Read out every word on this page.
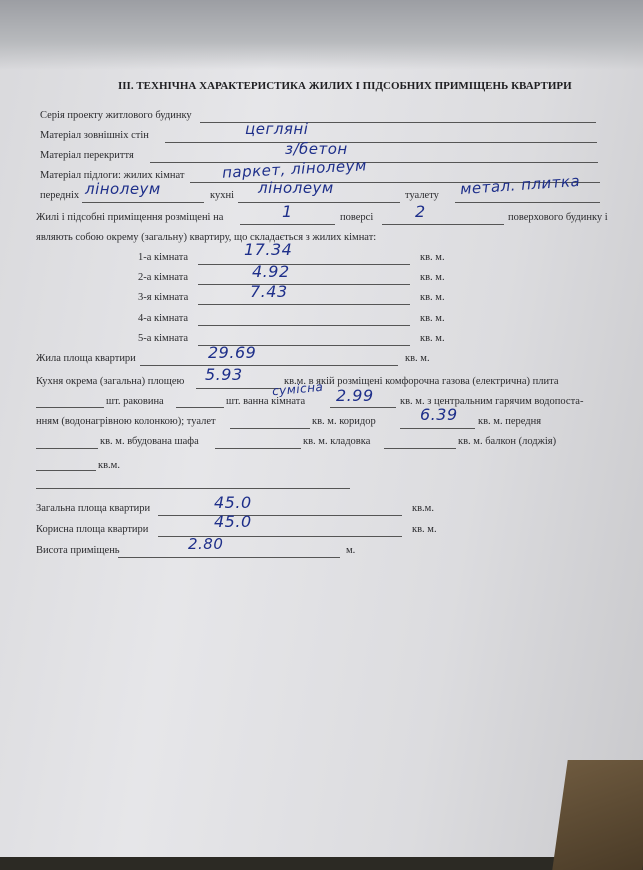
ІІІ. ТЕХНІЧНА ХАРАКТЕРИСТИКА ЖИЛИХ І ПІДСОБНИХ ПРИМІЩЕНЬ КВАРТИРИ
Серія проекту житлового будинку
Матеріал зовнішніх стін	цеглянi
Матеріал перекриття	з/бетон
Матеріал підлоги: жилих кімнат паркет, лiнолеум
передніх лiнолеум	кухні лiнолеум	туалету метал. плитка
Жилі і підсобні приміщення розміщені на	1	поверсі	2	поверхового будинку і
являють собою окрему (загальну) квартиру, що складається з жилих кімнат:
1-а кімната	17.34	кв. м.
2-а кімната	4.92	кв. м.
3-я кімната	7.43	кв. м.
4-а кімната	кв. м.
5-а кімната	кв. м.
Жила площа квартири	29.69	кв. м.
Кухня окрема (загальна) площею 5.93	кв.м. в якій розміщені комфорочна газова (електрична) плита
шт. раковина	шт. ванна кімната
сумiсна 2.99	кв. м. з центральним гарячим водопоста-
нням (водонагрівною колонкою); туалет	кв. м. коридор	6.39 кв. м. передня
кв. м. вбудована шафа	кв. м. кладовка	кв. м. балкон (лоджія)
кв.м.
Загальна площа квартири	45.0	кв.м.
Корисна площа квартири	45.0	кв. м.
Висота приміщень	2.80	м.
